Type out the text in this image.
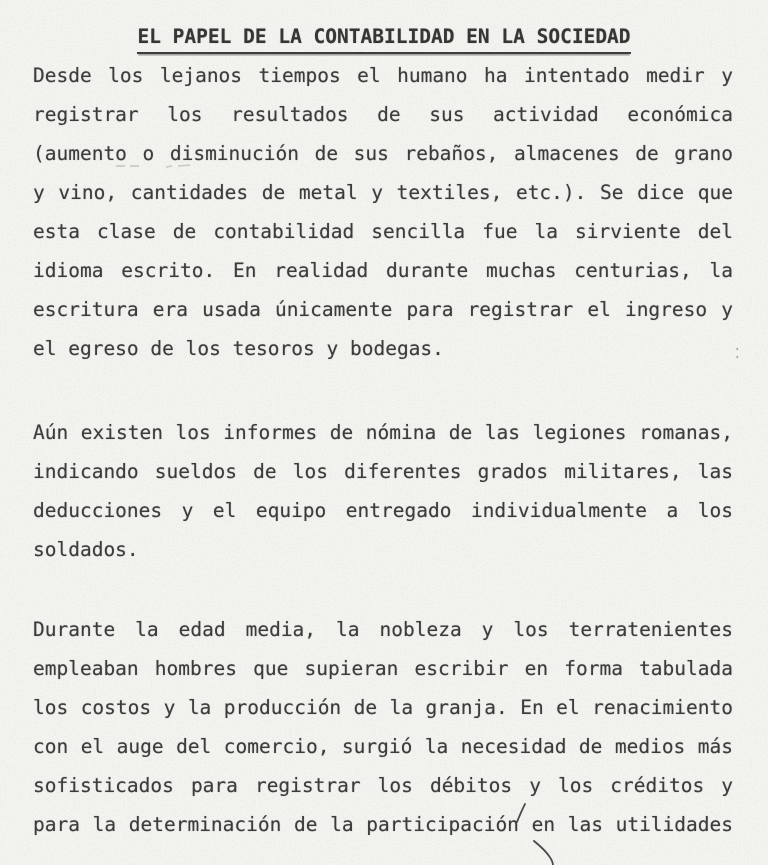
EL PAPEL DE LA CONTABILIDAD EN LA SOCIEDAD
Desde los lejanos tiempos el humano ha intentado medir y
registrar los resultados de sus actividad económica
(aumento o disminución de sus rebaños, almacenes de grano
y vino, cantidades de metal y textiles, etc.). Se dice que
esta clase de contabilidad sencilla fue la sirviente del
idioma escrito. En realidad durante muchas centurias, la
escritura era usada únicamente para registrar el ingreso y
el egreso de los tesoros y bodegas.
Aún existen los informes de nómina de las legiones romanas,
indicando sueldos de los diferentes grados militares, las
deducciones y el equipo entregado individualmente a los
soldados.
Durante la edad media, la nobleza y los terratenientes
empleaban hombres que supieran escribir en forma tabulada
los costos y la producción de la granja. En el renacimiento
con el auge del comercio, surgió la necesidad de medios más
sofisticados para registrar los débitos y los créditos y
para la determinación de la participación en las utilidades
